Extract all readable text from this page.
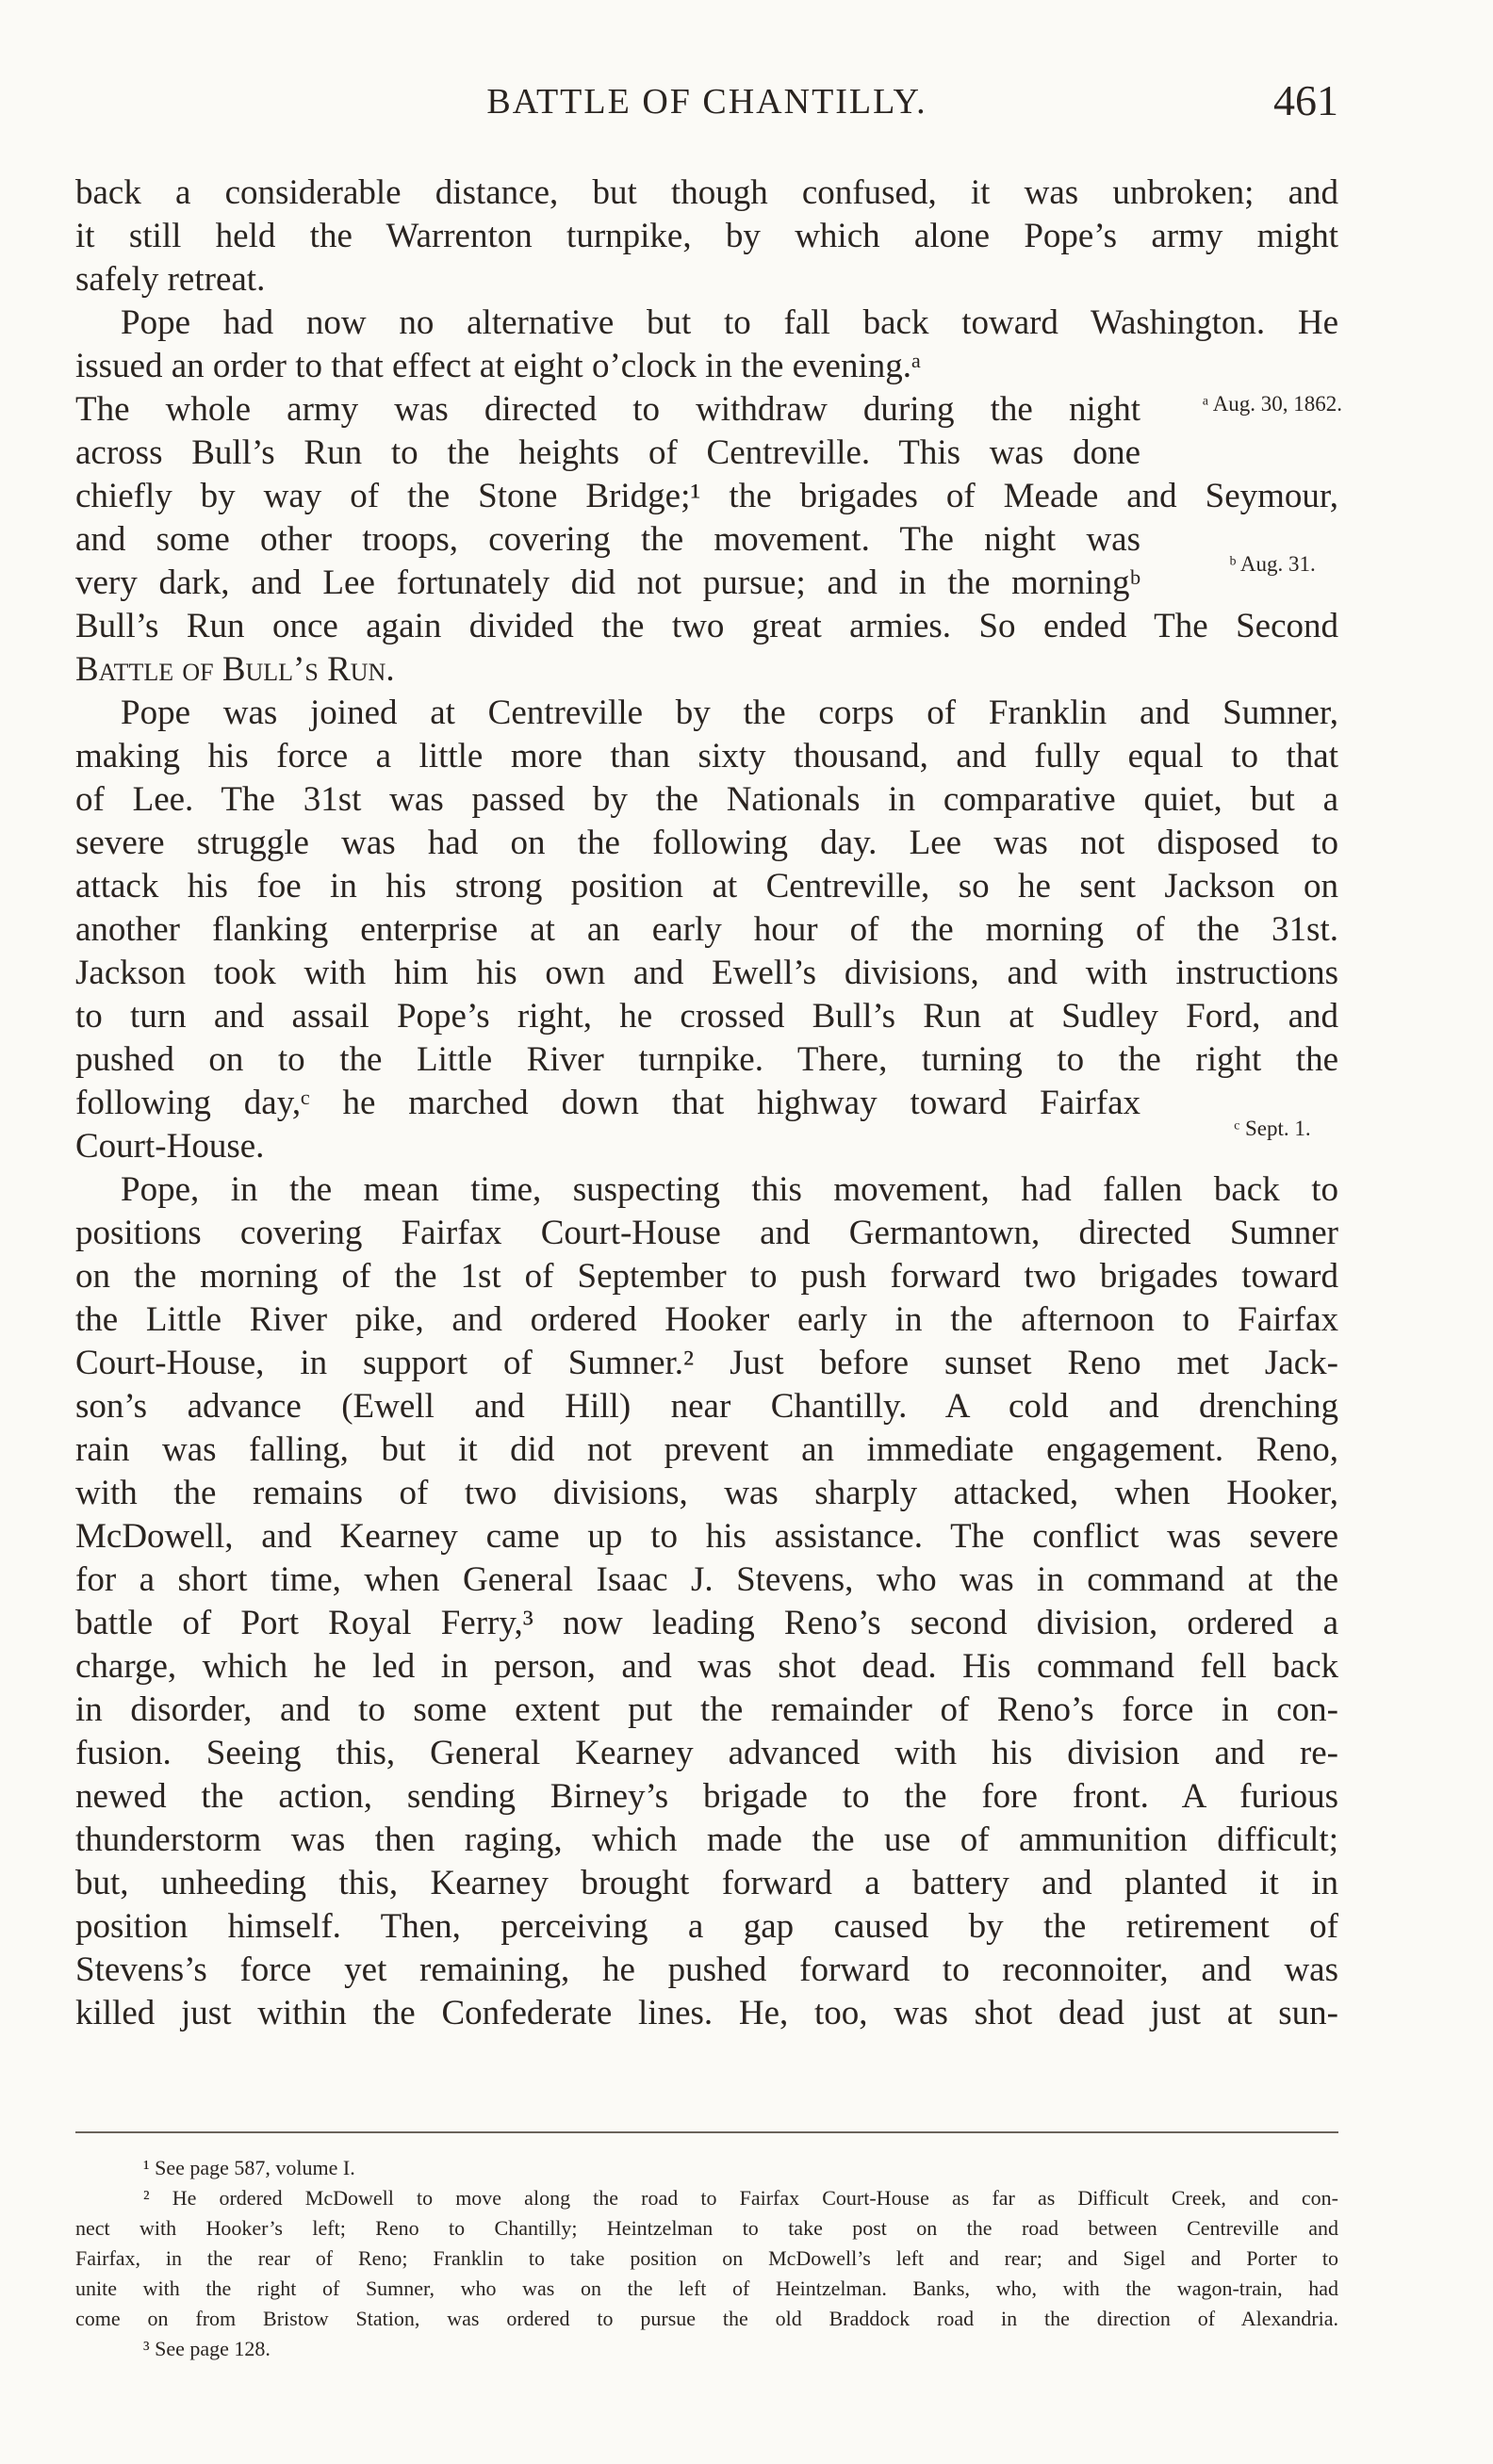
BATTLE OF CHANTILLY.	461
back a considerable distance, but though confused, it was unbroken; and
it still held the Warrenton turnpike, by which alone Pope’s army might
safely retreat.
Pope had now no alternative but to fall back toward Washington. He
issued an order to that effect at eight o’clock in the evening.ᵃ
The whole army was directed to withdraw during the night
across Bull’s Run to the heights of Centreville. This was done
chiefly by way of the Stone Bridge;¹ the brigades of Meade and Seymour,
and some other troops, covering the movement. The night was
very dark, and Lee fortunately did not pursue; and in the morningᵇ
Bull’s Run once again divided the two great armies. So ended The Second
Battle of Bull’s Run.
Pope was joined at Centreville by the corps of Franklin and Sumner,
making his force a little more than sixty thousand, and fully equal to that
of Lee. The 31st was passed by the Nationals in comparative quiet, but a
severe struggle was had on the following day. Lee was not disposed to
attack his foe in his strong position at Centreville, so he sent Jackson on
another flanking enterprise at an early hour of the morning of the 31st.
Jackson took with him his own and Ewell’s divisions, and with instructions
to turn and assail Pope’s right, he crossed Bull’s Run at Sudley Ford, and
pushed on to the Little River turnpike. There, turning to the right the
following day,ᶜ he marched down that highway toward Fairfax
Court-House.
Pope, in the mean time, suspecting this movement, had fallen back to
positions covering Fairfax Court-House and Germantown, directed Sumner
on the morning of the 1st of September to push forward two brigades toward
the Little River pike, and ordered Hooker early in the afternoon to Fairfax
Court-House, in support of Sumner.² Just before sunset Reno met Jack-
son’s advance (Ewell and Hill) near Chantilly. A cold and drenching
rain was falling, but it did not prevent an immediate engagement. Reno,
with the remains of two divisions, was sharply attacked, when Hooker,
McDowell, and Kearney came up to his assistance. The conflict was severe
for a short time, when General Isaac J. Stevens, who was in command at the
battle of Port Royal Ferry,³ now leading Reno’s second division, ordered a
charge, which he led in person, and was shot dead. His command fell back
in disorder, and to some extent put the remainder of Reno’s force in con-
fusion. Seeing this, General Kearney advanced with his division and re-
newed the action, sending Birney’s brigade to the fore front. A furious
thunderstorm was then raging, which made the use of ammunition difficult;
but, unheeding this, Kearney brought forward a battery and planted it in
position himself. Then, perceiving a gap caused by the retirement of
Stevens’s force yet remaining, he pushed forward to reconnoiter, and was
killed just within the Confederate lines. He, too, was shot dead just at sun-
ᵃ Aug. 30, 1862.
ᵇ Aug. 31.
ᶜ Sept. 1.
¹ See page 587, volume I.
² He ordered McDowell to move along the road to Fairfax Court-House as far as Difficult Creek, and con-
nect with Hooker’s left; Reno to Chantilly; Heintzelman to take post on the road between Centreville and
Fairfax, in the rear of Reno; Franklin to take position on McDowell’s left and rear; and Sigel and Porter to
unite with the right of Sumner, who was on the left of Heintzelman. Banks, who, with the wagon-train, had
come on from Bristow Station, was ordered to pursue the old Braddock road in the direction of Alexandria.
³ See page 128.
